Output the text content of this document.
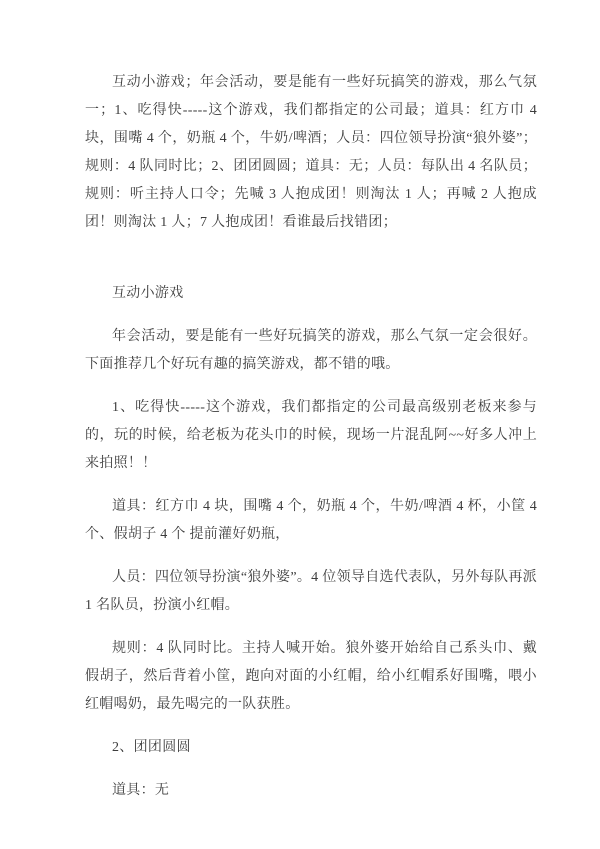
互动小游戏；年会活动，要是能有一些好玩搞笑的游戏，那么气氛一；1、吃得快-----这个游戏，我们都指定的公司最；道具：红方巾 4 块，围嘴 4 个，奶瓶 4 个，牛奶/啤酒；人员：四位领导扮演“狼外婆”；规则：4 队同时比；2、团团圆圆；道具：无；人员：每队出 4 名队员；规则：听主持人口令；先喊 3 人抱成团！则淘汰 1 人；再喊 2 人抱成团！则淘汰 1 人；7 人抱成团！看谁最后找错团；

互动小游戏

年会活动，要是能有一些好玩搞笑的游戏，那么气氛一定会很好。下面推荐几个好玩有趣的搞笑游戏，都不错的哦。

1、吃得快-----这个游戏，我们都指定的公司最高级别老板来参与的，玩的时候，给老板为花头巾的时候，现场一片混乱阿~~好多人冲上来拍照！！

道具：红方巾 4 块，围嘴 4 个，奶瓶 4 个，牛奶/啤酒 4 杯，小筐 4 个、假胡子 4 个 提前灌好奶瓶，

人员：四位领导扮演“狼外婆”。4 位领导自选代表队，另外每队再派 1 名队员，扮演小红帽。

规则：4 队同时比。主持人喊开始。狼外婆开始给自己系头巾、戴假胡子，然后背着小筐，跑向对面的小红帽，给小红帽系好围嘴，喂小红帽喝奶，最先喝完的一队获胜。

2、团团圆圆

道具：无
